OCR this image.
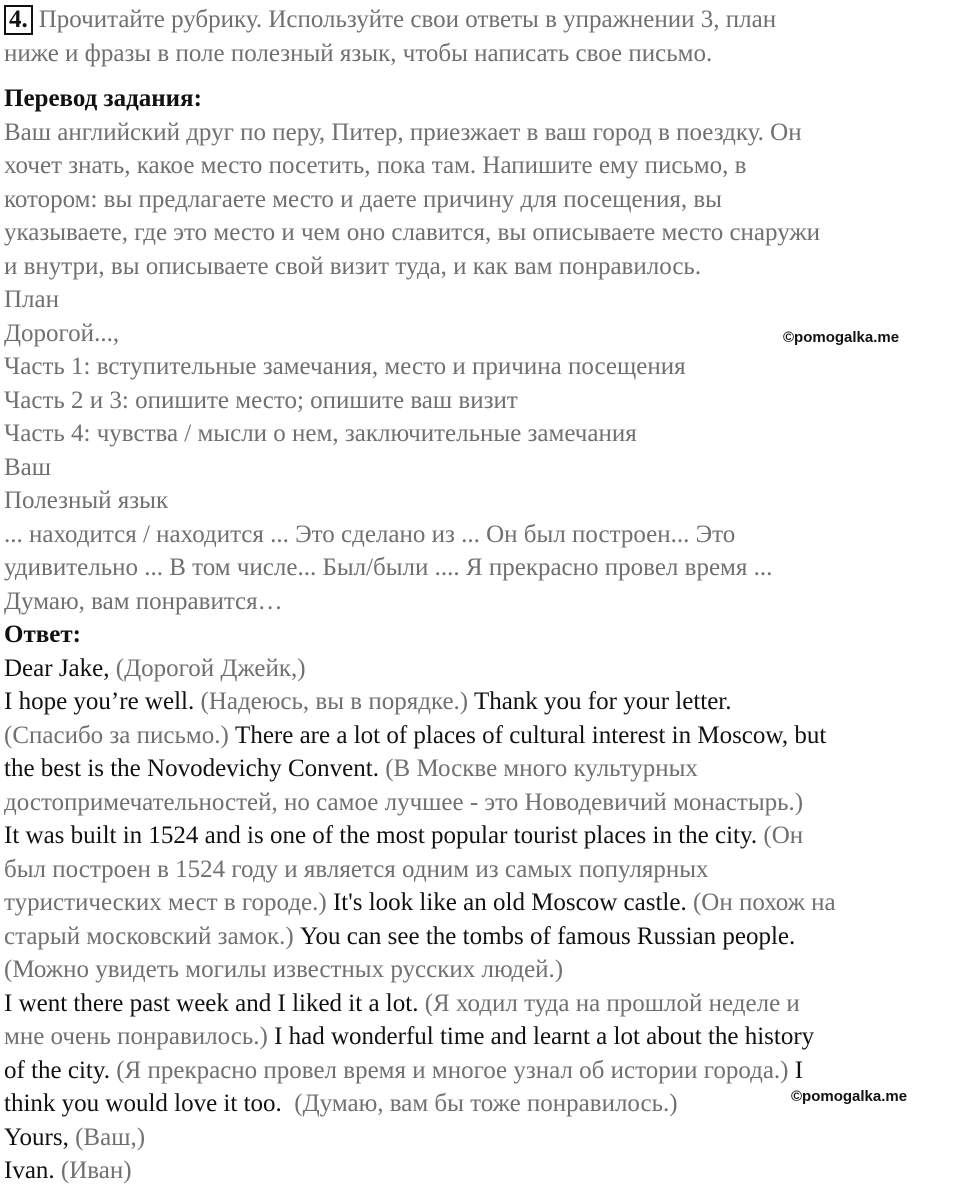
4. Прочитайте рубрику. Используйте свои ответы в упражнении 3, план
ниже и фразы в поле полезный язык, чтобы написать свое письмо.
Перевод задания:
Ваш английский друг по перу, Питер, приезжает в ваш город в поездку. Он
хочет знать, какое место посетить, пока там. Напишите ему письмо, в
котором: вы предлагаете место и даете причину для посещения, вы
указываете, где это место и чем оно славится, вы описываете место снаружи
и внутри, вы описываете свой визит туда, и как вам понравилось.
План
Дорогой...,
Часть 1: вступительные замечания, место и причина посещения
Часть 2 и 3: опишите место; опишите ваш визит
Часть 4: чувства / мысли о нем, заключительные замечания
Ваш
Полезный язык
... находится / находится ... Это сделано из ... Он был построен... Это
удивительно ... В том числе... Был/были .... Я прекрасно провел время ...
Думаю, вам понравится…
Ответ:
Dear Jake, (Дорогой Джейк,)
I hope you’re well. (Надеюсь, вы в порядке.) Thank you for your letter.
(Спасибо за письмо.) There are a lot of places of cultural interest in Moscow, but
the best is the Novodevichy Convent. (В Москве много культурных
достопримечательностей, но самое лучшее - это Новодевичий монастырь.)
It was built in 1524 and is one of the most popular tourist places in the city. (Он
был построен в 1524 году и является одним из самых популярных
туристических мест в городе.) It's look like an old Moscow castle. (Он похож на
старый московский замок.) You can see the tombs of famous Russian people.
(Можно увидеть могилы известных русских людей.)
I went there past week and I liked it a lot. (Я ходил туда на прошлой неделе и
мне очень понравилось.) I had wonderful time and learnt a lot about the history
of the city. (Я прекрасно провел время и многое узнал об истории города.) I
think you would love it too.  (Думаю, вам бы тоже понравилось.)
Yours, (Ваш,)
Ivan. (Иван)
©pomogalka.me
©pomogalka.me
